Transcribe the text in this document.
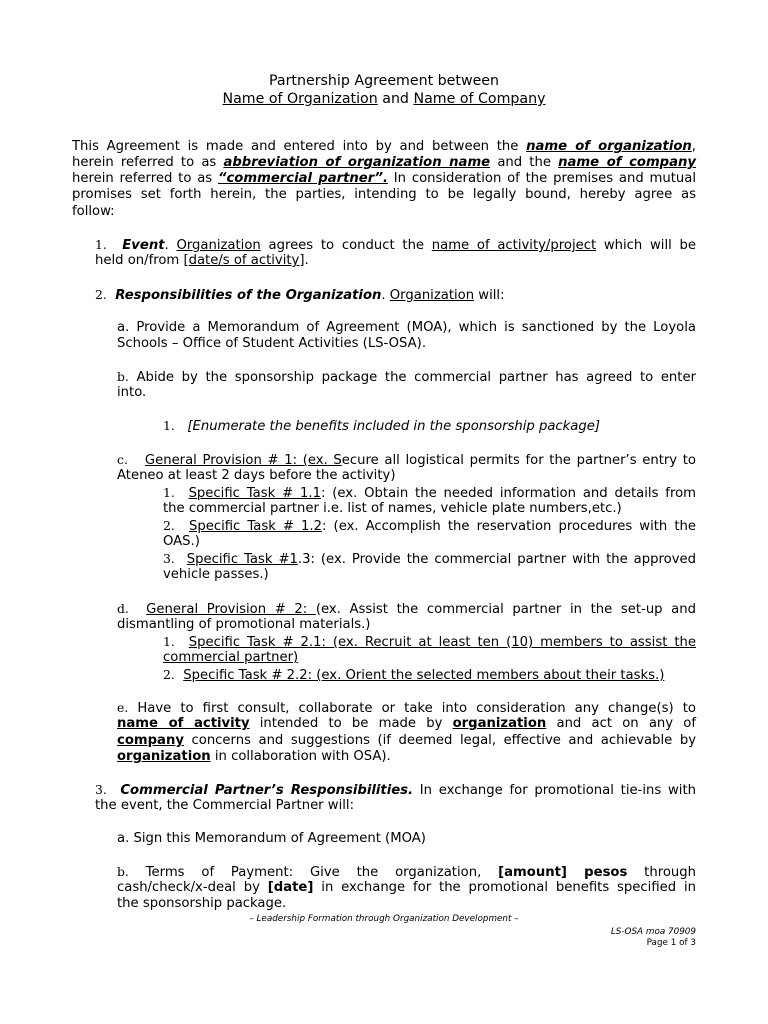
Partnership Agreement between
Name of Organization and Name of Company
This Agreement is made and entered into by and between the name of organization,
herein referred to as abbreviation of organization name and the name of company
herein referred to as “commercial partner”. In consideration of the premises and mutual
promises set forth herein, the parties, intending to be legally bound, hereby agree as
follow:
1. Event. Organization agrees to conduct the name of activity/project which will be
held on/from [date/s of activity].
2. Responsibilities of the Organization. Organization will:
a. Provide a Memorandum of Agreement (MOA), which is sanctioned by the Loyola
Schools – Office of Student Activities (LS-OSA).
b. Abide by the sponsorship package the commercial partner has agreed to enter
into.
1. [Enumerate the benefits included in the sponsorship package]
c. General Provision # 1: (ex. Secure all logistical permits for the partner’s entry to
Ateneo at least 2 days before the activity)
1. Specific Task # 1.1: (ex. Obtain the needed information and details from
the commercial partner i.e. list of names, vehicle plate numbers,etc.)
2. Specific Task # 1.2: (ex. Accomplish the reservation procedures with the
OAS.)
3. Specific Task #1.3: (ex. Provide the commercial partner with the approved
vehicle passes.)
d. General Provision # 2: (ex. Assist the commercial partner in the set-up and
dismantling of promotional materials.)
1. Specific Task # 2.1: (ex. Recruit at least ten (10) members to assist the
commercial partner)
2. Specific Task # 2.2: (ex. Orient the selected members about their tasks.)
e. Have to first consult, collaborate or take into consideration any change(s) to
name of activity intended to be made by organization and act on any of
company concerns and suggestions (if deemed legal, effective and achievable by
organization in collaboration with OSA).
3. Commercial Partner’s Responsibilities. In exchange for promotional tie-ins with
the event, the Commercial Partner will:
a. Sign this Memorandum of Agreement (MOA)
b. Terms of Payment: Give the organization, [amount] pesos through
cash/check/x-deal by [date] in exchange for the promotional benefits specified in
the sponsorship package.
– Leadership Formation through Organization Development –
LS-OSA moa 70909
Page 1 of 3
